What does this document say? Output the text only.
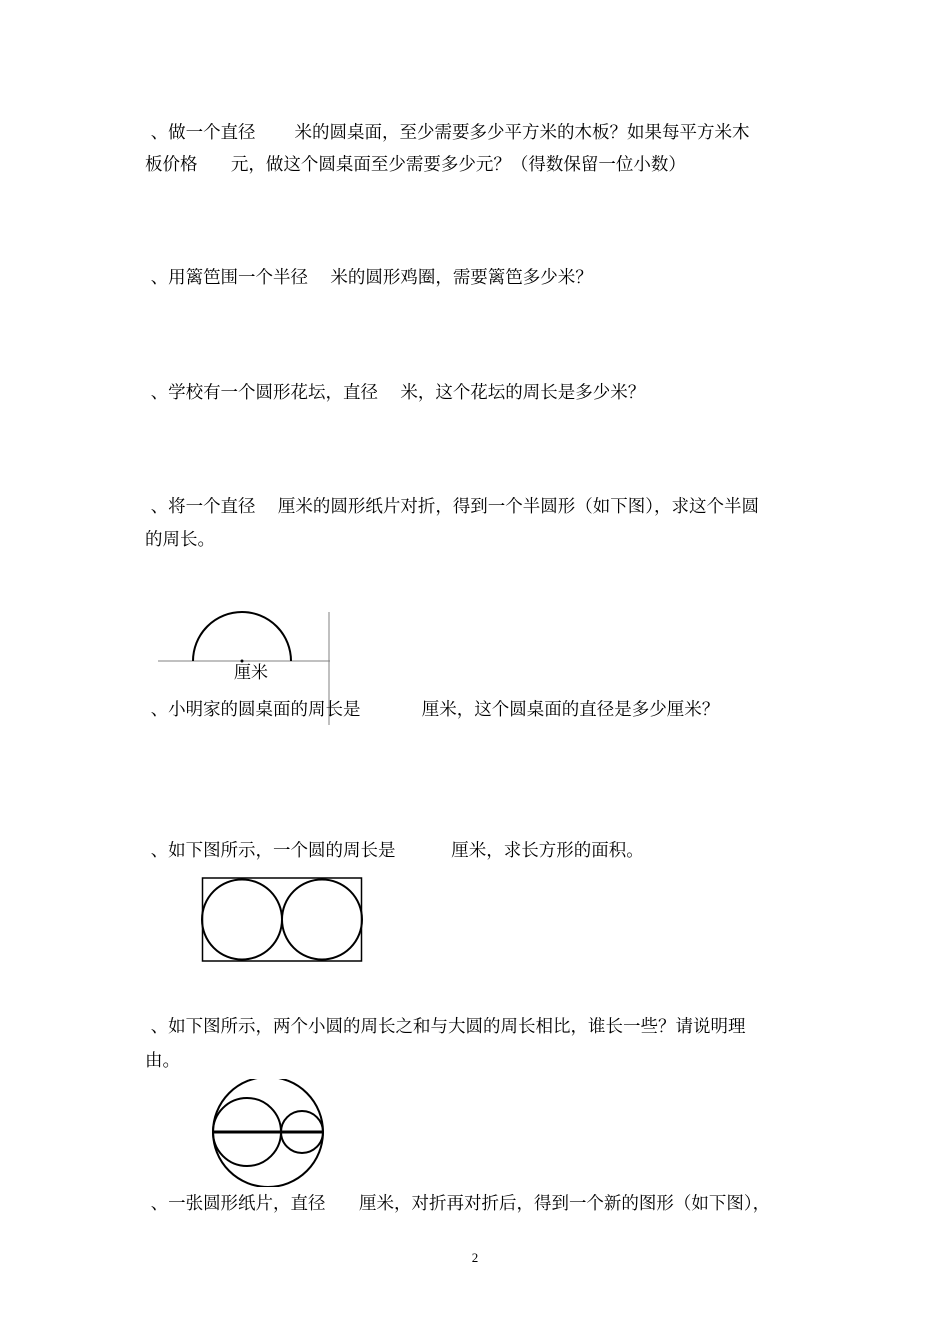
、做一个直径       米的圆桌面，至少需要多少平方米的木板？如果每平方米木

板价格      元，做这个圆桌面至少需要多少元？（得数保留一位小数）

、用篱笆围一个半径    米的圆形鸡圈，需要篱笆多少米？

、学校有一个圆形花坛，直径    米，这个花坛的周长是多少米？

、将一个直径    厘米的圆形纸片对折，得到一个半圆形（如下图），求这个半圆

的周长。

厘米

、小明家的圆桌面的周长是           厘米，这个圆桌面的直径是多少厘米？

、如下图所示，一个圆的周长是          厘米，求长方形的面积。

、如下图所示，两个小圆的周长之和与大圆的周长相比，谁长一些？请说明理

由。

、一张圆形纸片，直径      厘米，对折再对折后，得到一个新的图形（如下图），

2
